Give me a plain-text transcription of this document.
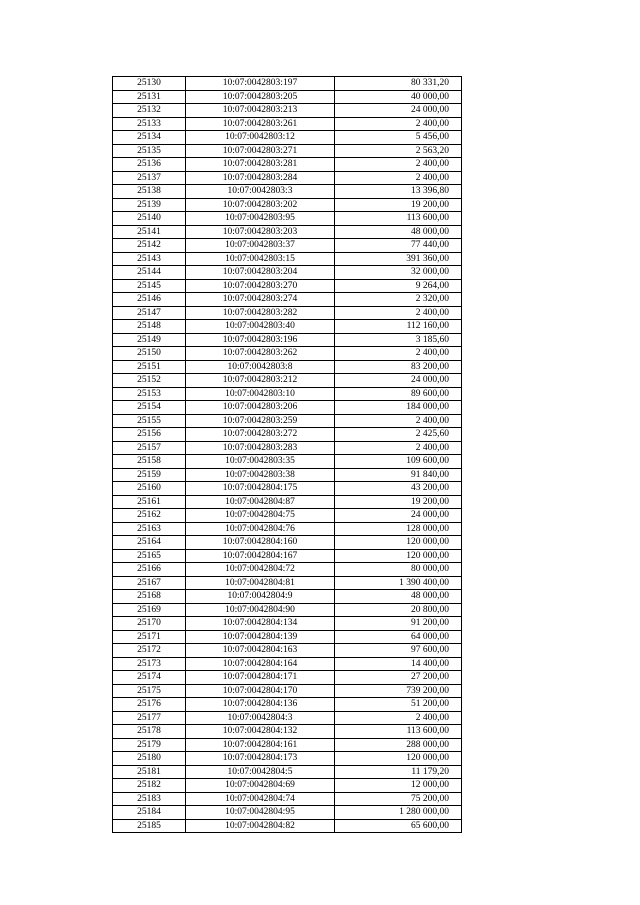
25130	10:07:0042803:197	80 331,20
25131	10:07:0042803:205	40 000,00
25132	10:07:0042803:213	24 000,00
25133	10:07:0042803:261	2 400,00
25134	10:07:0042803:12	5 456,00
25135	10:07:0042803:271	2 563,20
25136	10:07:0042803:281	2 400,00
25137	10:07:0042803:284	2 400,00
25138	10:07:0042803:3	13 396,80
25139	10:07:0042803:202	19 200,00
25140	10:07:0042803:95	113 600,00
25141	10:07:0042803:203	48 000,00
25142	10:07:0042803:37	77 440,00
25143	10:07:0042803:15	391 360,00
25144	10:07:0042803:204	32 000,00
25145	10:07:0042803:270	9 264,00
25146	10:07:0042803:274	2 320,00
25147	10:07:0042803:282	2 400,00
25148	10:07:0042803:40	112 160,00
25149	10:07:0042803:196	3 185,60
25150	10:07:0042803:262	2 400,00
25151	10:07:0042803:8	83 200,00
25152	10:07:0042803:212	24 000,00
25153	10:07:0042803:10	89 600,00
25154	10:07:0042803:206	184 000,00
25155	10:07:0042803:259	2 400,00
25156	10:07:0042803:272	2 425,60
25157	10:07:0042803:283	2 400,00
25158	10:07:0042803:35	109 600,00
25159	10:07:0042803:38	91 840,00
25160	10:07:0042804:175	43 200,00
25161	10:07:0042804:87	19 200,00
25162	10:07:0042804:75	24 000,00
25163	10:07:0042804:76	128 000,00
25164	10:07:0042804:160	120 000,00
25165	10:07:0042804:167	120 000,00
25166	10:07:0042804:72	80 000,00
25167	10:07:0042804:81	1 390 400,00
25168	10:07:0042804:9	48 000,00
25169	10:07:0042804:90	20 800,00
25170	10:07:0042804:134	91 200,00
25171	10:07:0042804:139	64 000,00
25172	10:07:0042804:163	97 600,00
25173	10:07:0042804:164	14 400,00
25174	10:07:0042804:171	27 200,00
25175	10:07:0042804:170	739 200,00
25176	10:07:0042804:136	51 200,00
25177	10:07:0042804:3	2 400,00
25178	10:07:0042804:132	113 600,00
25179	10:07:0042804:161	288 000,00
25180	10:07:0042804:173	120 000,00
25181	10:07:0042804:5	11 179,20
25182	10:07:0042804:69	12 000,00
25183	10:07:0042804:74	75 200,00
25184	10:07:0042804:95	1 280 000,00
25185	10:07:0042804:82	65 600,00
